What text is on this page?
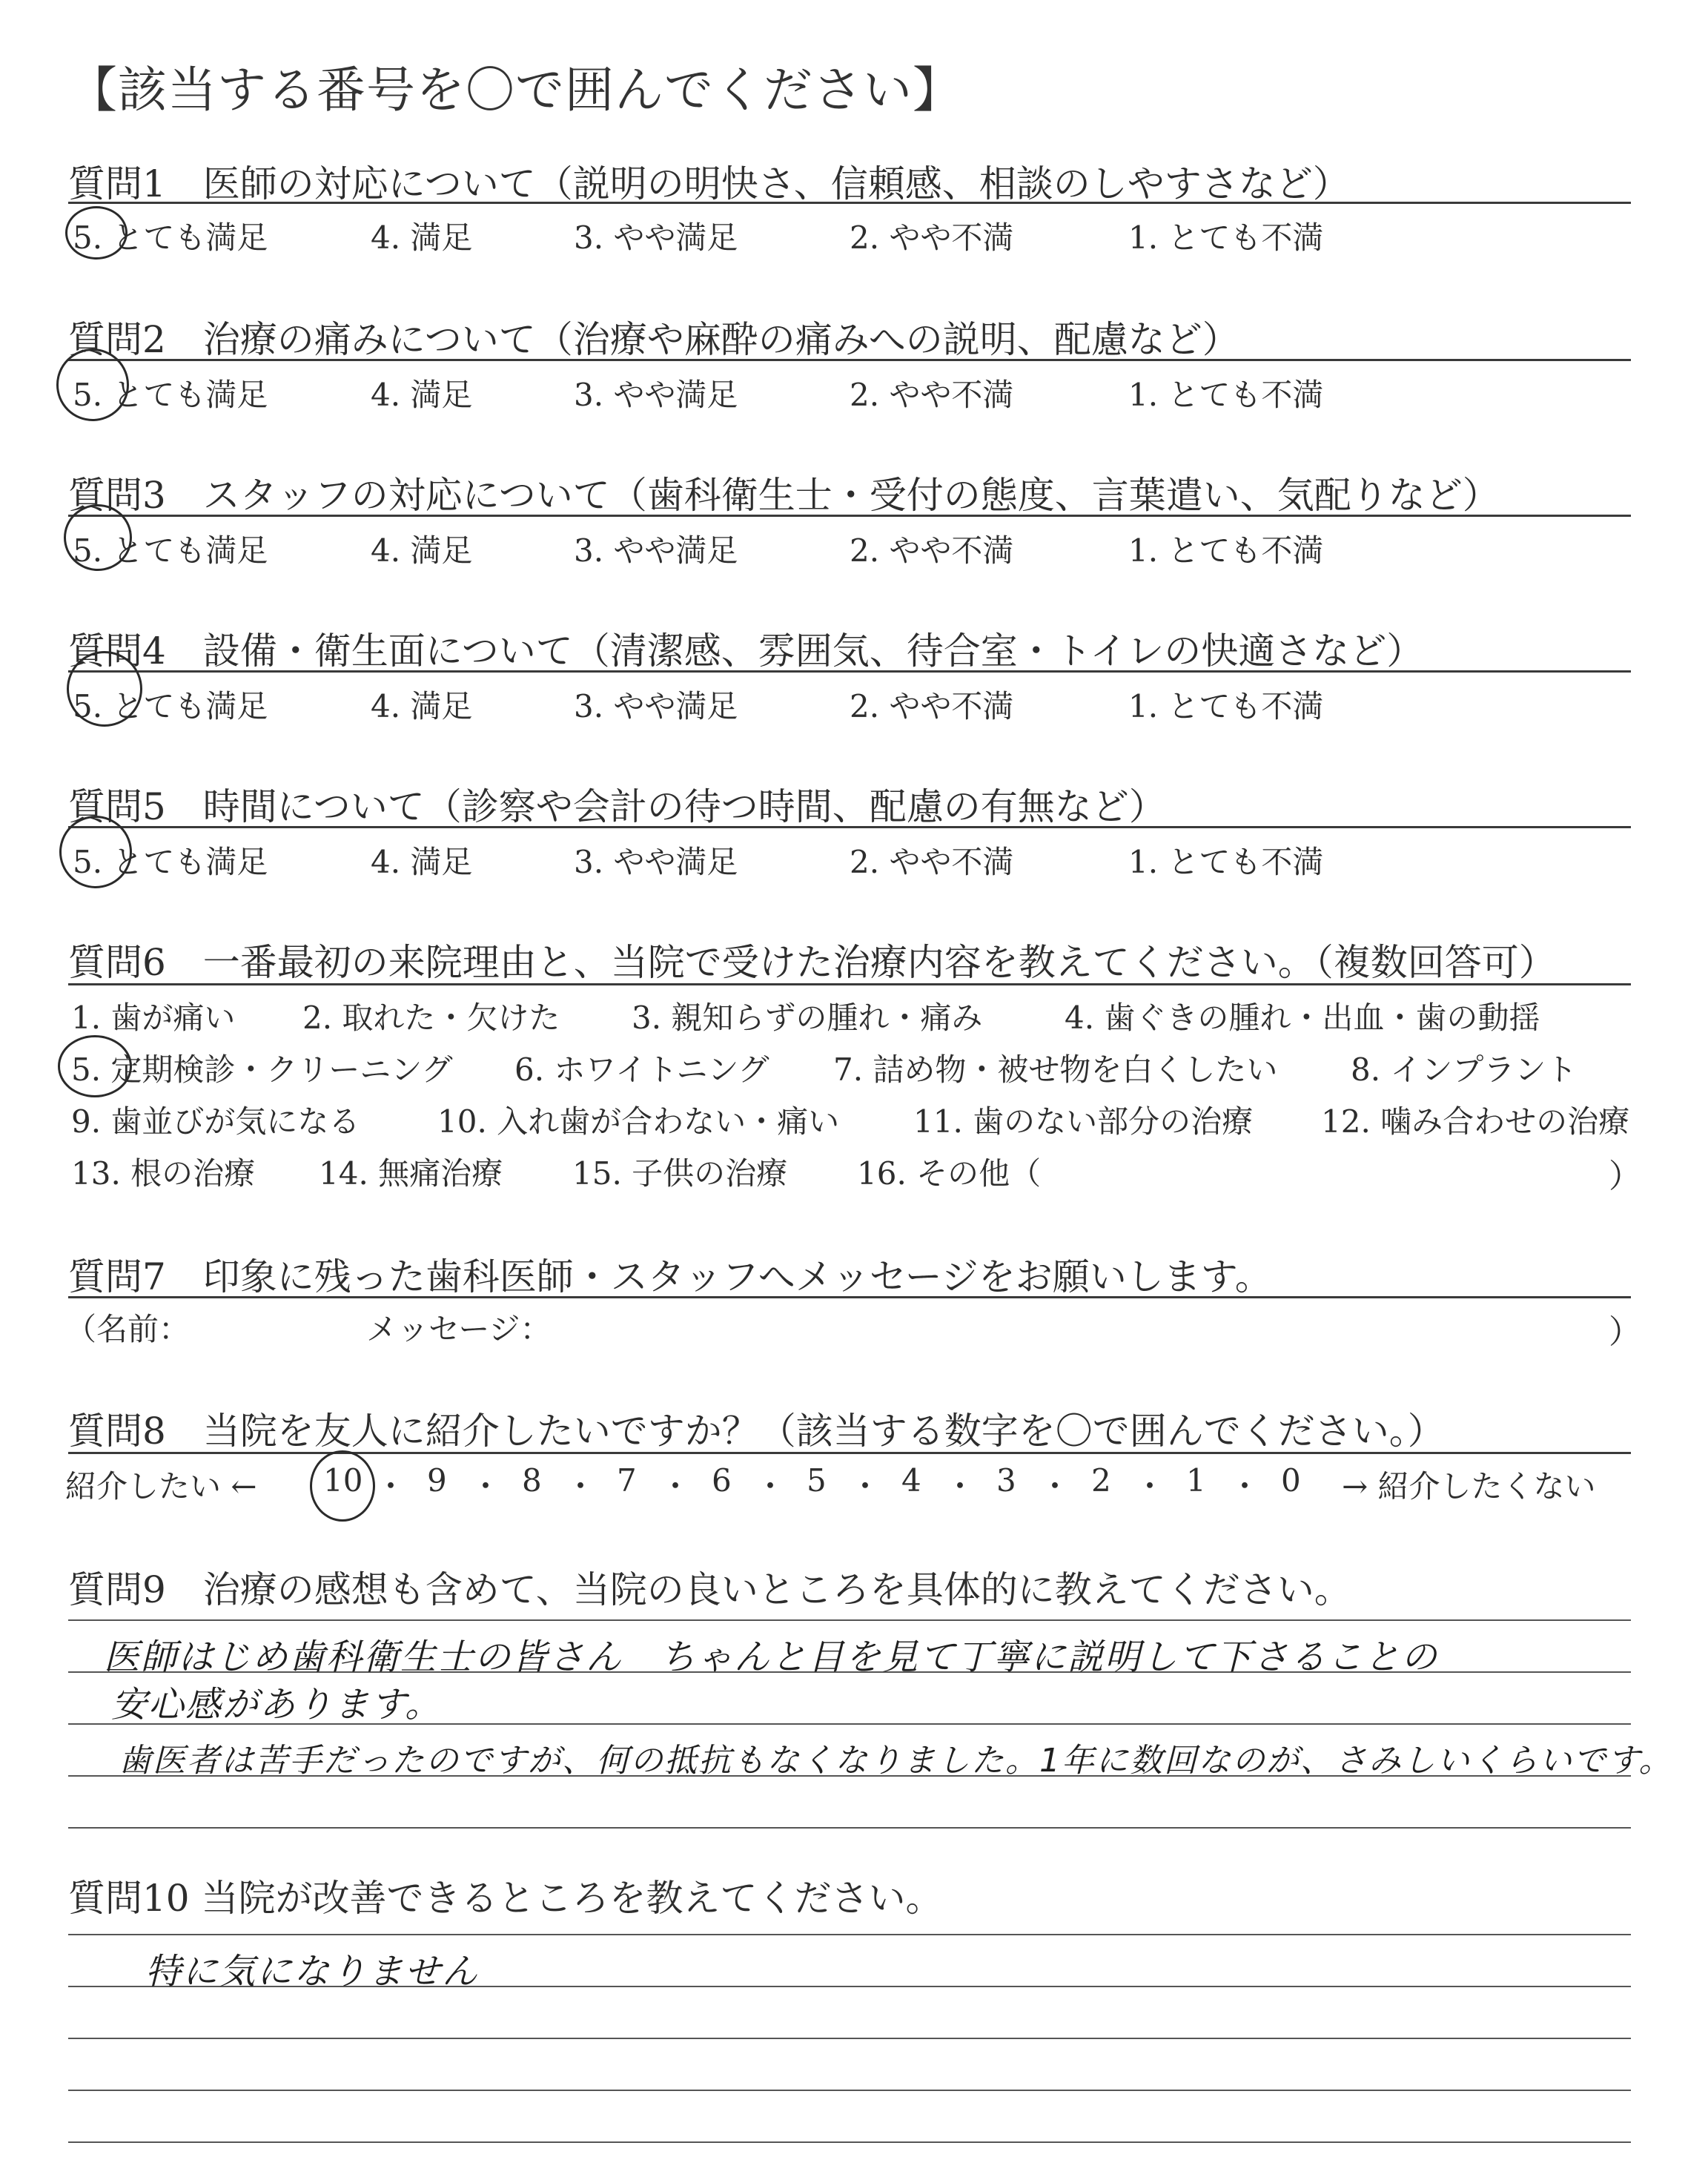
【該当する番号を〇で囲んでください】
質問1　医師の対応について（説明の明快さ、信頼感、相談のしやすさなど）
5. とても満足	4. 満足	3. やや満足	2. やや不満	1. とても不満
質問2　治療の痛みについて（治療や麻酔の痛みへの説明、配慮など）
5. とても満足	4. 満足	3. やや満足	2. やや不満	1. とても不満
質問3　スタッフの対応について（歯科衛生士・受付の態度、言葉遣い、気配りなど）
5. とても満足	4. 満足	3. やや満足	2. やや不満	1. とても不満
質問4　設備・衛生面について（清潔感、雰囲気、待合室・トイレの快適さなど）
5. とても満足	4. 満足	3. やや満足	2. やや不満	1. とても不満
質問5　時間について（診察や会計の待つ時間、配慮の有無など）
5. とても満足	4. 満足	3. やや満足	2. やや不満	1. とても不満
質問6　一番最初の来院理由と、当院で受けた治療内容を教えてください。（複数回答可）
1. 歯が痛い 2. 取れた・欠けた 3. 親知らずの腫れ・痛み	4. 歯ぐきの腫れ・出血・歯の動揺
5. 定期検診・クリーニング 6. ホワイトニング 7. 詰め物・被せ物を白くしたい 8. インプラント
9. 歯並びが気になる 10. 入れ歯が合わない・痛い 11. 歯のない部分の治療 12. 噛み合わせの治療
13. 根の治療 14. 無痛治療 15. 子供の治療 16. その他（	）
質問7　印象に残った歯科医師・スタッフへメッセージをお願いします。
（名前：	メッセージ：	）
質問8　当院を友人に紹介したいですか？（該当する数字を〇で囲んでください。）
紹介したい ←	→ 紹介したくない
10 ・ 9 ・ 8 ・ 7 ・ 6 ・ 5 ・ 4 ・ 3 ・ 2 ・ 1 ・ 0
質問9　治療の感想も含めて、当院の良いところを具体的に教えてください。
医師はじめ歯科衛生士の皆さん　ちゃんと目を見て丁寧に説明して下さることの
安心感があります。
歯医者は苦手だったのですが、何の抵抗もなくなりました。1年に数回なのが、さみしいくらいです。
質問10 当院が改善できるところを教えてください。
特に気になりません
